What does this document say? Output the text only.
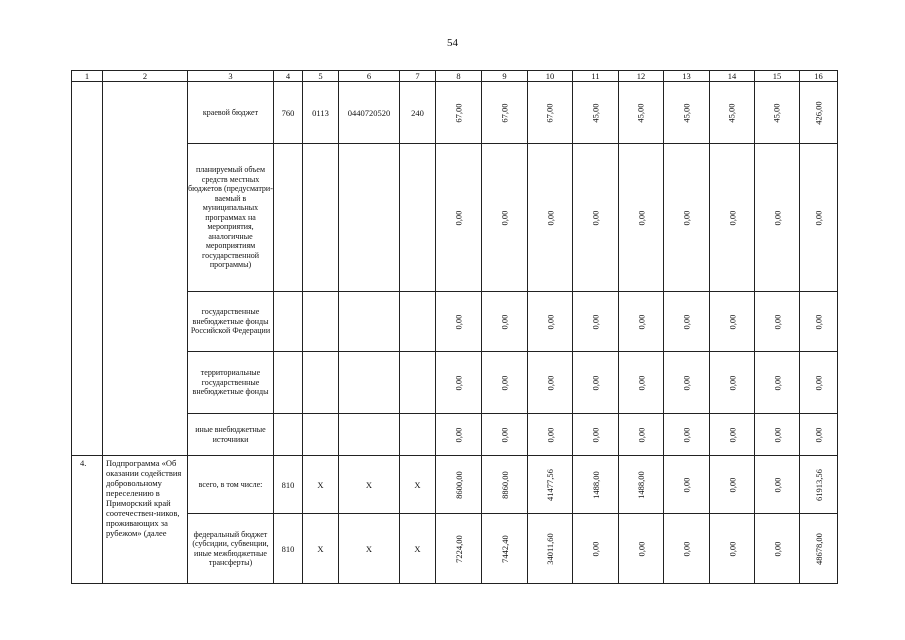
54
1	2	3	4	5	6	7	8	9	10	11	12	13	14	15	16
		краевой бюджет	760	0113	0440720520	240	67,00	67,00	67,00	45,00	45,00	45,00	45,00	45,00	426,00
		планируемый объем средств местных бюджетов (предусматри-ваемый в муниципальных программах на мероприятия, аналогичные мероприятиям государственной программы)					0,00	0,00	0,00	0,00	0,00	0,00	0,00	0,00	0,00
		государственные внебюджетные фонды Российской Федерации					0,00	0,00	0,00	0,00	0,00	0,00	0,00	0,00	0,00
		территориальные государственные внебюджетные фонды					0,00	0,00	0,00	0,00	0,00	0,00	0,00	0,00	0,00
		иные внебюджетные источники					0,00	0,00	0,00	0,00	0,00	0,00	0,00	0,00	0,00
4.	Подпрограмма «Об оказании содействия добровольному переселению в Приморский край соотечествен-ников, проживающих за рубежом» (далее	всего, в том числе:	810	X	X	X	8600,00	8860,00	41477,56	1488,00	1488,00	0,00	0,00	0,00	61913,56
		федеральный бюджет (субсидии, субвенции, иные межбюджетные трансферты)	810	X	X	X	7224,00	7442,40	34011,60	0,00	0,00	0,00	0,00	0,00	48678,00
